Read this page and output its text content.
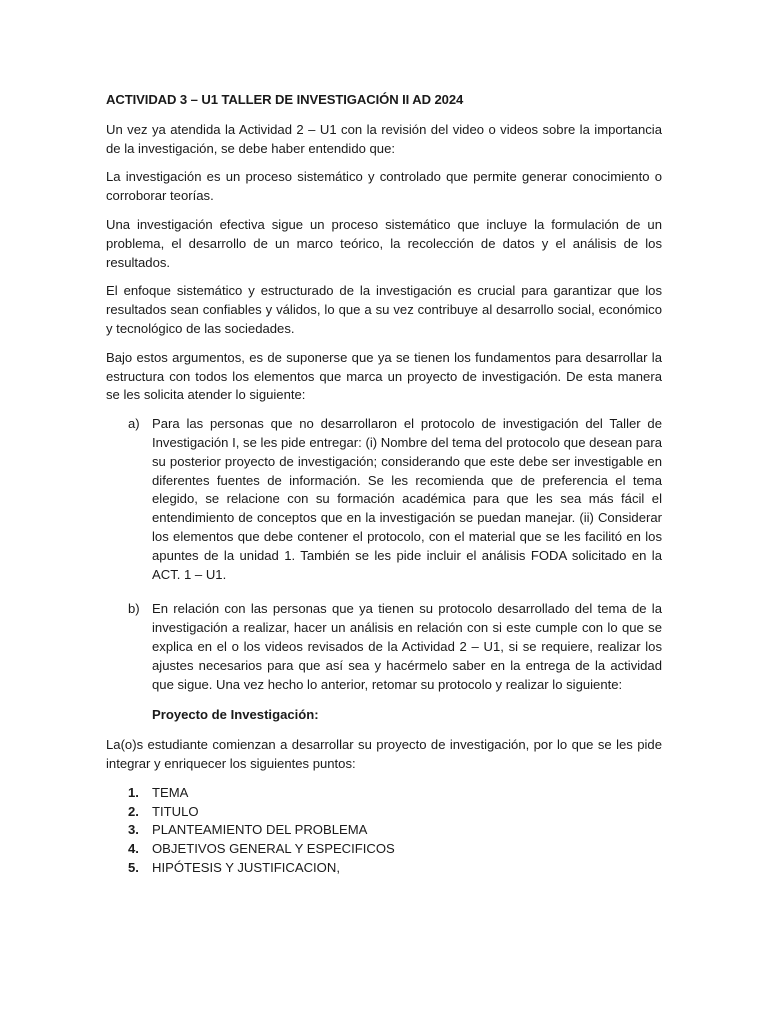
ACTIVIDAD 3 – U1 TALLER DE INVESTIGACIÓN II AD 2024

Un vez ya atendida la Actividad 2 – U1 con la revisión del video o videos sobre la importancia de la investigación, se debe haber entendido que:

La investigación es un proceso sistemático y controlado que permite generar conocimiento o corroborar teorías.

Una investigación efectiva sigue un proceso sistemático que incluye la formulación de un problema, el desarrollo de un marco teórico, la recolección de datos y el análisis de los resultados.

El enfoque sistemático y estructurado de la investigación es crucial para garantizar que los resultados sean confiables y válidos, lo que a su vez contribuye al desarrollo social, económico y tecnológico de las sociedades.

Bajo estos argumentos, es de suponerse que ya se tienen los fundamentos para desarrollar la estructura con todos los elementos que marca un proyecto de investigación. De esta manera se les solicita atender lo siguiente:

a) Para las personas que no desarrollaron el protocolo de investigación del Taller de Investigación I, se les pide entregar: (i) Nombre del tema del protocolo que desean para su posterior proyecto de investigación; considerando que este debe ser investigable en diferentes fuentes de información. Se les recomienda que de preferencia el tema elegido, se relacione con su formación académica para que les sea más fácil el entendimiento de conceptos que en la investigación se puedan manejar. (ii) Considerar los elementos que debe contener el protocolo, con el material que se les facilitó en los apuntes de la unidad 1. También se les pide incluir el análisis FODA solicitado en la ACT. 1 – U1.
b) En relación con las personas que ya tienen su protocolo desarrollado del tema de la investigación a realizar, hacer un análisis en relación con si este cumple con lo que se explica en el o los videos revisados de la Actividad 2 – U1, si se requiere, realizar los ajustes necesarios para que así sea y hacérmelo saber en la entrega de la actividad que sigue. Una vez hecho lo anterior, retomar su protocolo y realizar lo siguiente:
Proyecto de Investigación:

La(o)s estudiante comienzan a desarrollar su proyecto de investigación, por lo que se les pide integrar y enriquecer los siguientes puntos:

1. TEMA
2. TITULO
3. PLANTEAMIENTO DEL PROBLEMA
4. OBJETIVOS GENERAL Y ESPECIFICOS
5. HIPÓTESIS Y JUSTIFICACION,
